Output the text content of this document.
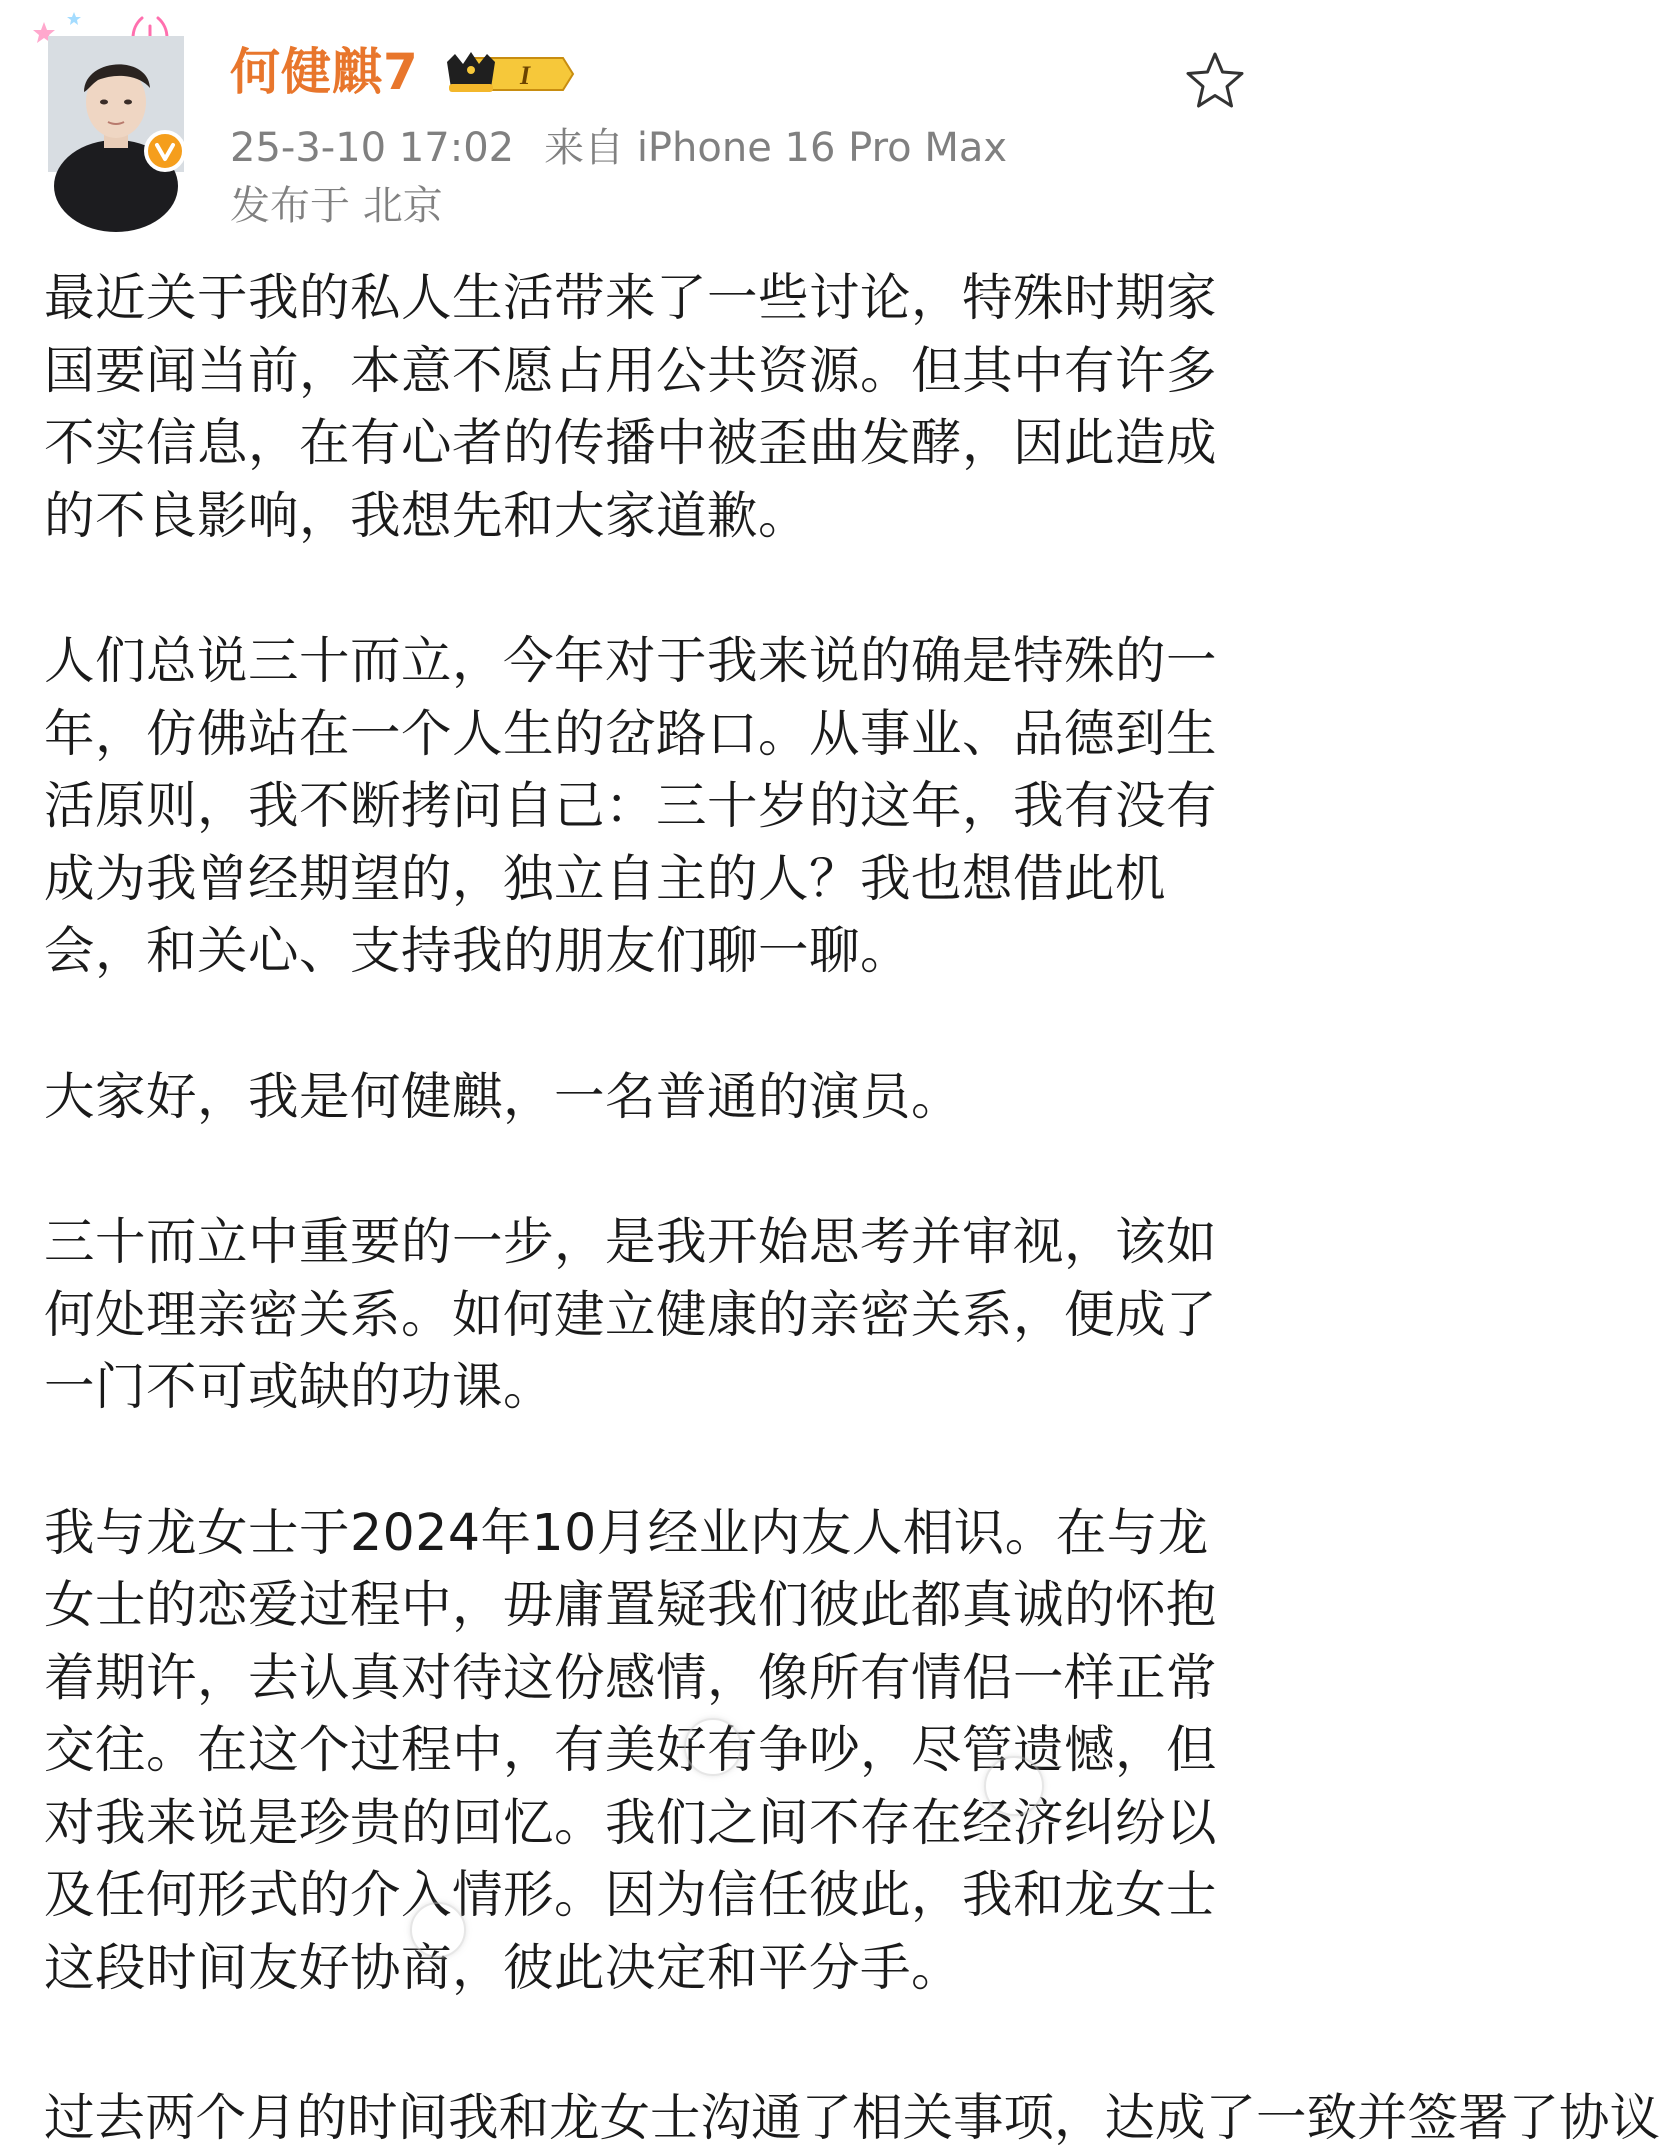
何健麒7	I
25-3-10 17:02 来自 iPhone 16 Pro Max
发布于 北京

最近关于我的私人生活带来了一些讨论，特殊时期家国要闻当前，本意不愿占用公共资源。但其中有许多不实信息，在有心者的传播中被歪曲发酵，因此造成的不良影响，我想先和大家道歉。

人们总说三十而立，今年对于我来说的确是特殊的一年，仿佛站在一个人生的岔路口。从事业、品德到生活原则，我不断拷问自己：三十岁的这年，我有没有成为我曾经期望的，独立自主的人？我也想借此机会，和关心、支持我的朋友们聊一聊。

大家好，我是何健麒，一名普通的演员。

三十而立中重要的一步，是我开始思考并审视，该如何处理亲密关系。如何建立健康的亲密关系，便成了一门不可或缺的功课。

我与龙女士于2024年10月经业内友人相识。在与龙女士的恋爱过程中，毋庸置疑我们彼此都真诚的怀抱着期许，去认真对待这份感情，像所有情侣一样正常交往。在这个过程中，有美好有争吵，尽管遗憾，但对我来说是珍贵的回忆。我们之间不存在经济纠纷以及任何形式的介入情形。因为信任彼此，我和龙女士这段时间友好协商，彼此决定和平分手。

过去两个月的时间我和龙女士沟通了相关事项，达成了一致并签署了协议
